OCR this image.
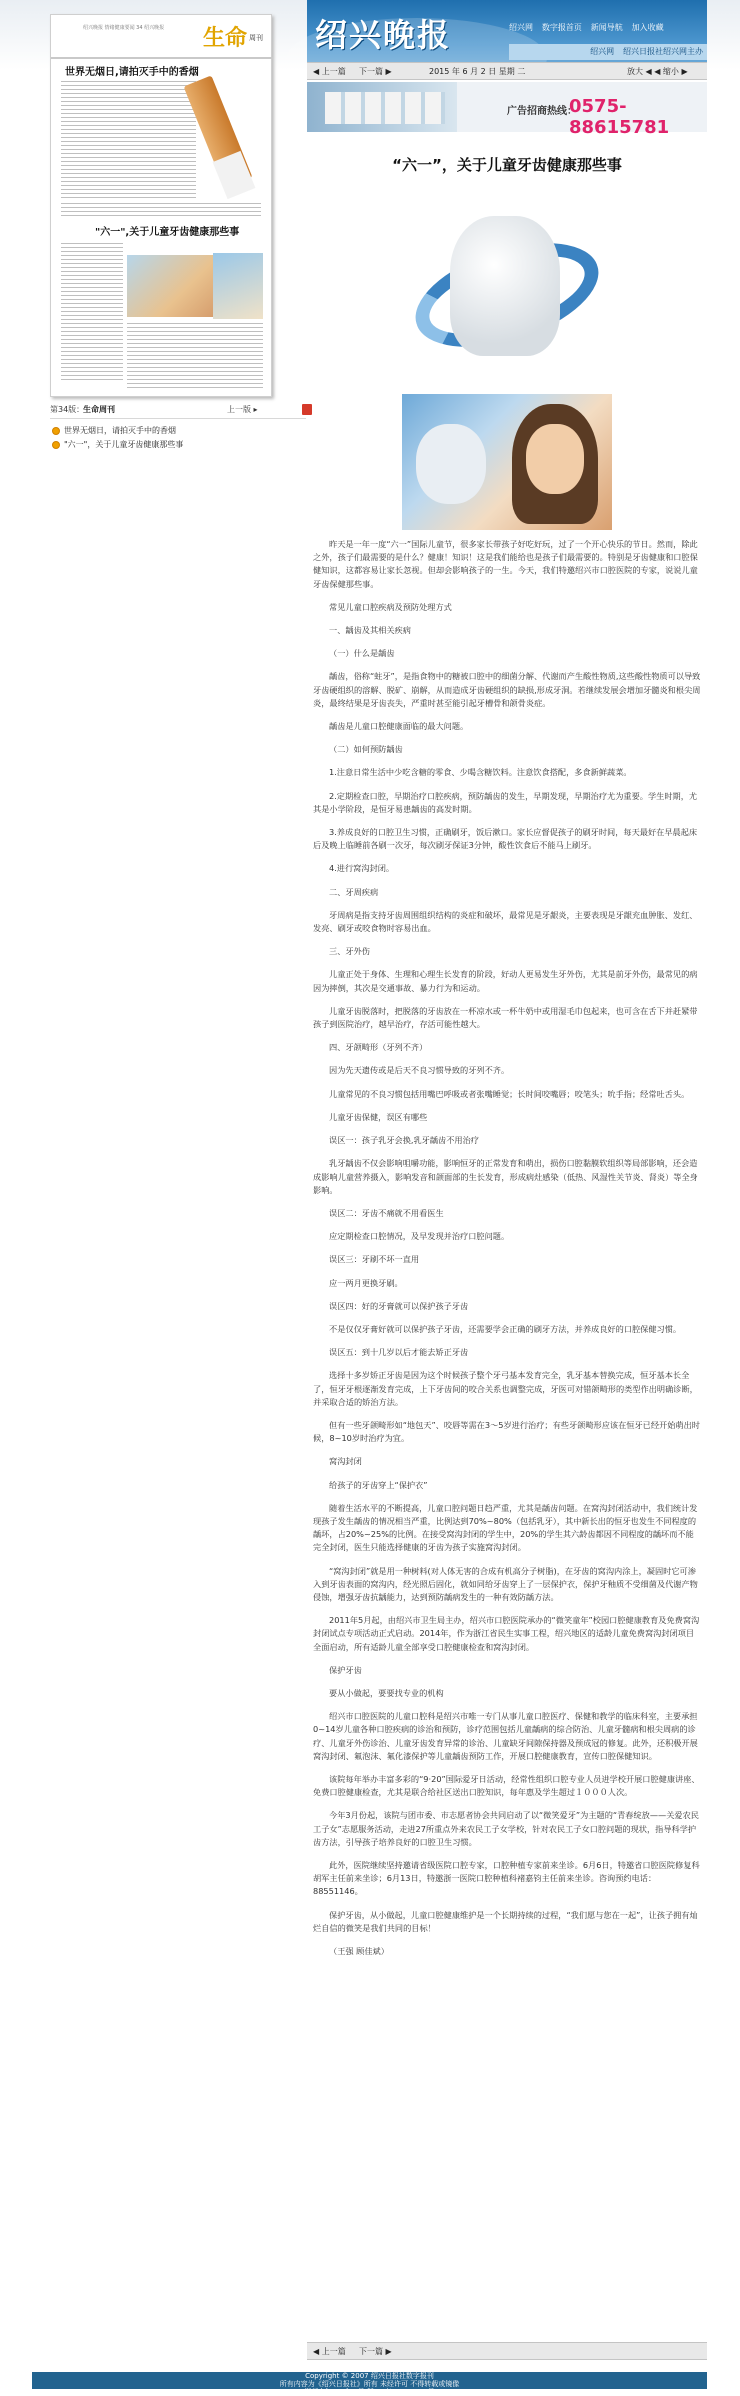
绍兴晚报 情绪健康要闻 34 绍兴晚报 生命 周刊
世界无烟日,请拍灭手中的香烟
"六一",关于儿童牙齿健康那些事
第34版：
生命周刊	上一版 ▸
世界无烟日，请拍灭手中的香烟
"六一"，关于儿童牙齿健康那些事
绍兴晚报	绍兴网 数字报首页 新闻导航 加入收藏
绍兴网 绍兴日报社绍兴网主办
◀ 上一篇 下一篇 ▶	2015 年 6 月 2 日 星期 二	放大 ◀ ◀ 缩小 ▶
广告招商热线：
0575-88615781
“六一”，关于儿童牙齿健康那些事

昨天是一年一度“六一”国际儿童节，很多家长带孩子好吃好玩，过了一个开心快乐的节日。然而，除此之外，孩子们最需要的是什么？健康！知识！这是我们能给也是孩子们最需要的。特别是牙齿健康和口腔保健知识，这都容易让家长忽视。但却会影响孩子的一生。今天，我们特邀绍兴市口腔医院的专家，说说儿童牙齿保健那些事。

常见儿童口腔疾病及预防处理方式

一、龋齿及其相关疾病

（一）什么是龋齿

龋齿，俗称“蛀牙”，是指食物中的糖被口腔中的细菌分解、代谢而产生酸性物质,这些酸性物质可以导致牙齿硬组织的溶解、脱矿、崩解，从而造成牙齿硬组织的缺损,形成牙洞。若继续发展会增加牙髓炎和根尖周炎，最终结果是牙齿丧失，严重时甚至能引起牙槽骨和颌骨炎症。

龋齿是儿童口腔健康面临的最大问题。

（二）如何预防龋齿

1.注意日常生活中少吃含糖的零食、少喝含糖饮料。注意饮食搭配，多食新鲜蔬菜。

2.定期检查口腔，早期治疗口腔疾病，预防龋齿的发生，早期发现，早期治疗尤为重要。学生时期，尤其是小学阶段，是恒牙易患龋齿的高发时期。

3.养成良好的口腔卫生习惯，正确刷牙，饭后漱口。家长应督促孩子的刷牙时间，每天最好在早晨起床后及晚上临睡前各刷一次牙，每次刷牙保证3分钟，酸性饮食后不能马上刷牙。

4.进行窝沟封闭。

二、牙周疾病

牙周病是指支持牙齿周围组织结构的炎症和破坏，最常见是牙龈炎，主要表现是牙龈充血肿胀、发红、发亮、刷牙或咬食物时容易出血。

三、牙外伤

儿童正处于身体、生理和心理生长发育的阶段，好动人更易发生牙外伤，尤其是前牙外伤，最常见的病因为摔倒，其次是交通事故、暴力行为和运动。

儿童牙齿脱落时，把脱落的牙齿放在一杯凉水或一杯牛奶中或用湿毛巾包起来，也可含在舌下并赶紧带孩子到医院治疗，越早治疗，存活可能性越大。

四、牙颌畸形（牙列不齐）

因为先天遗传或是后天不良习惯导致的牙列不齐。

儿童常见的不良习惯包括用嘴巴呼吸或者张嘴睡觉；长时间咬嘴唇；咬笔头；吮手指；经常吐舌头。

儿童牙齿保健，误区有哪些

误区一：孩子乳牙会换,乳牙龋齿不用治疗

乳牙龋齿不仅会影响咀嚼功能，影响恒牙的正常发育和萌出，损伤口腔黏膜软组织等局部影响，还会造成影响儿童营养摄入，影响发音和颌面部的生长发育，形成病灶感染（低热、风湿性关节炎、肾炎）等全身影响。

误区二：牙齿不痛就不用看医生

应定期检查口腔情况，及早发现并治疗口腔问题。

误区三：牙刷不坏一直用

应一两月更换牙刷。

误区四：好的牙膏就可以保护孩子牙齿

不是仅仅牙膏好就可以保护孩子牙齿，还需要学会正确的刷牙方法，并养成良好的口腔保健习惯。

误区五：到十几岁以后才能去矫正牙齿

选择十多岁矫正牙齿是因为这个时候孩子整个牙弓基本发育完全，乳牙基本替换完成，恒牙基本长全了，恒牙牙根逐渐发育完成，上下牙齿间的咬合关系也调整完成，牙医可对错颌畸形的类型作出明确诊断，并采取合适的矫治方法。

但有一些牙颌畸形如“地包天”、咬唇等需在3～5岁进行治疗；有些牙颌畸形应该在恒牙已经开始萌出时候，8~10岁时治疗为宜。

窝沟封闭

给孩子的牙齿穿上“保护衣”

随着生活水平的不断提高，儿童口腔问题日趋严重，尤其是龋齿问题。在窝沟封闭活动中，我们统计发现孩子发生龋齿的情况相当严重，比例达到70%~80%（包括乳牙），其中新长出的恒牙也发生不同程度的龋坏，占20%~25%的比例。在接受窝沟封闭的学生中，20%的学生其六龄齿都因不同程度的龋坏而不能完全封闭，医生只能选择健康的牙齿为孩子实施窝沟封闭。

“窝沟封闭”就是用一种树料(对人体无害的合成有机高分子树脂)，在牙齿的窝沟内涂上，凝固时它可渗入到牙齿表面的窝沟内，经光照后固化，就如同给牙齿穿上了一层保护衣，保护牙釉质不受细菌及代谢产物侵蚀，增强牙齿抗龋能力，达到预防龋病发生的一种有效防龋方法。

2011年5月起，由绍兴市卫生局主办，绍兴市口腔医院承办的“微笑童年”校园口腔健康教育及免费窝沟封闭试点专项活动正式启动。2014年，作为浙江省民生实事工程，绍兴地区的适龄儿童免费窝沟封闭项目全面启动，所有适龄儿童全部享受口腔健康检查和窝沟封闭。

保护牙齿

要从小做起，要要找专业的机构

绍兴市口腔医院的儿童口腔科是绍兴市唯一专门从事儿童口腔医疗、保健和教学的临床科室，主要承担0~14岁儿童各种口腔疾病的诊治和预防，诊疗范围包括儿童龋病的综合防治、儿童牙髓病和根尖周病的诊疗、儿童牙外伤诊治、儿童牙齿发育异常的诊治、儿童缺牙间隙保持器及预成冠的修复。此外，还积极开展窝沟封闭、氟泡沫、氟化漆保护等儿童龋齿预防工作，开展口腔健康教育，宣传口腔保健知识。

该院每年举办丰富多彩的“9·20”国际爱牙日活动，经常性组织口腔专业人员进学校开展口腔健康讲座、免费口腔健康检查，尤其是联合给社区送出口腔知识，每年惠及学生超过１０００人次。

今年3月份起，该院与团市委、市志愿者协会共同启动了以“微笑爱牙”为主题的“青春绽放——关爱农民工子女”志愿服务活动，走进27所重点外来农民工子女学校，针对农民工子女口腔问题的现状，指导科学护齿方法，引导孩子培养良好的口腔卫生习惯。

此外，医院继续坚持邀请省级医院口腔专家，口腔种植专家前来坐诊。6月6日，特邀省口腔医院修复科胡军主任前来坐诊；6月13日，特邀浙一医院口腔种植科褚嘉钧主任前来坐诊。咨询预约电话：88551146。

保护牙齿，从小做起，儿童口腔健康维护是一个长期持续的过程，“我们愿与您在一起”，让孩子拥有灿烂自信的微笑是我们共同的目标！

（王强 顾佳斌）

◀ 上一篇 下一篇 ▶

Copyright © 2007 绍兴日报社数字报刊

所有内容为《绍兴日报社》所有 未经许可 不得转载或镜像

浙新办[2006]22号 浙ICP备06037124号
